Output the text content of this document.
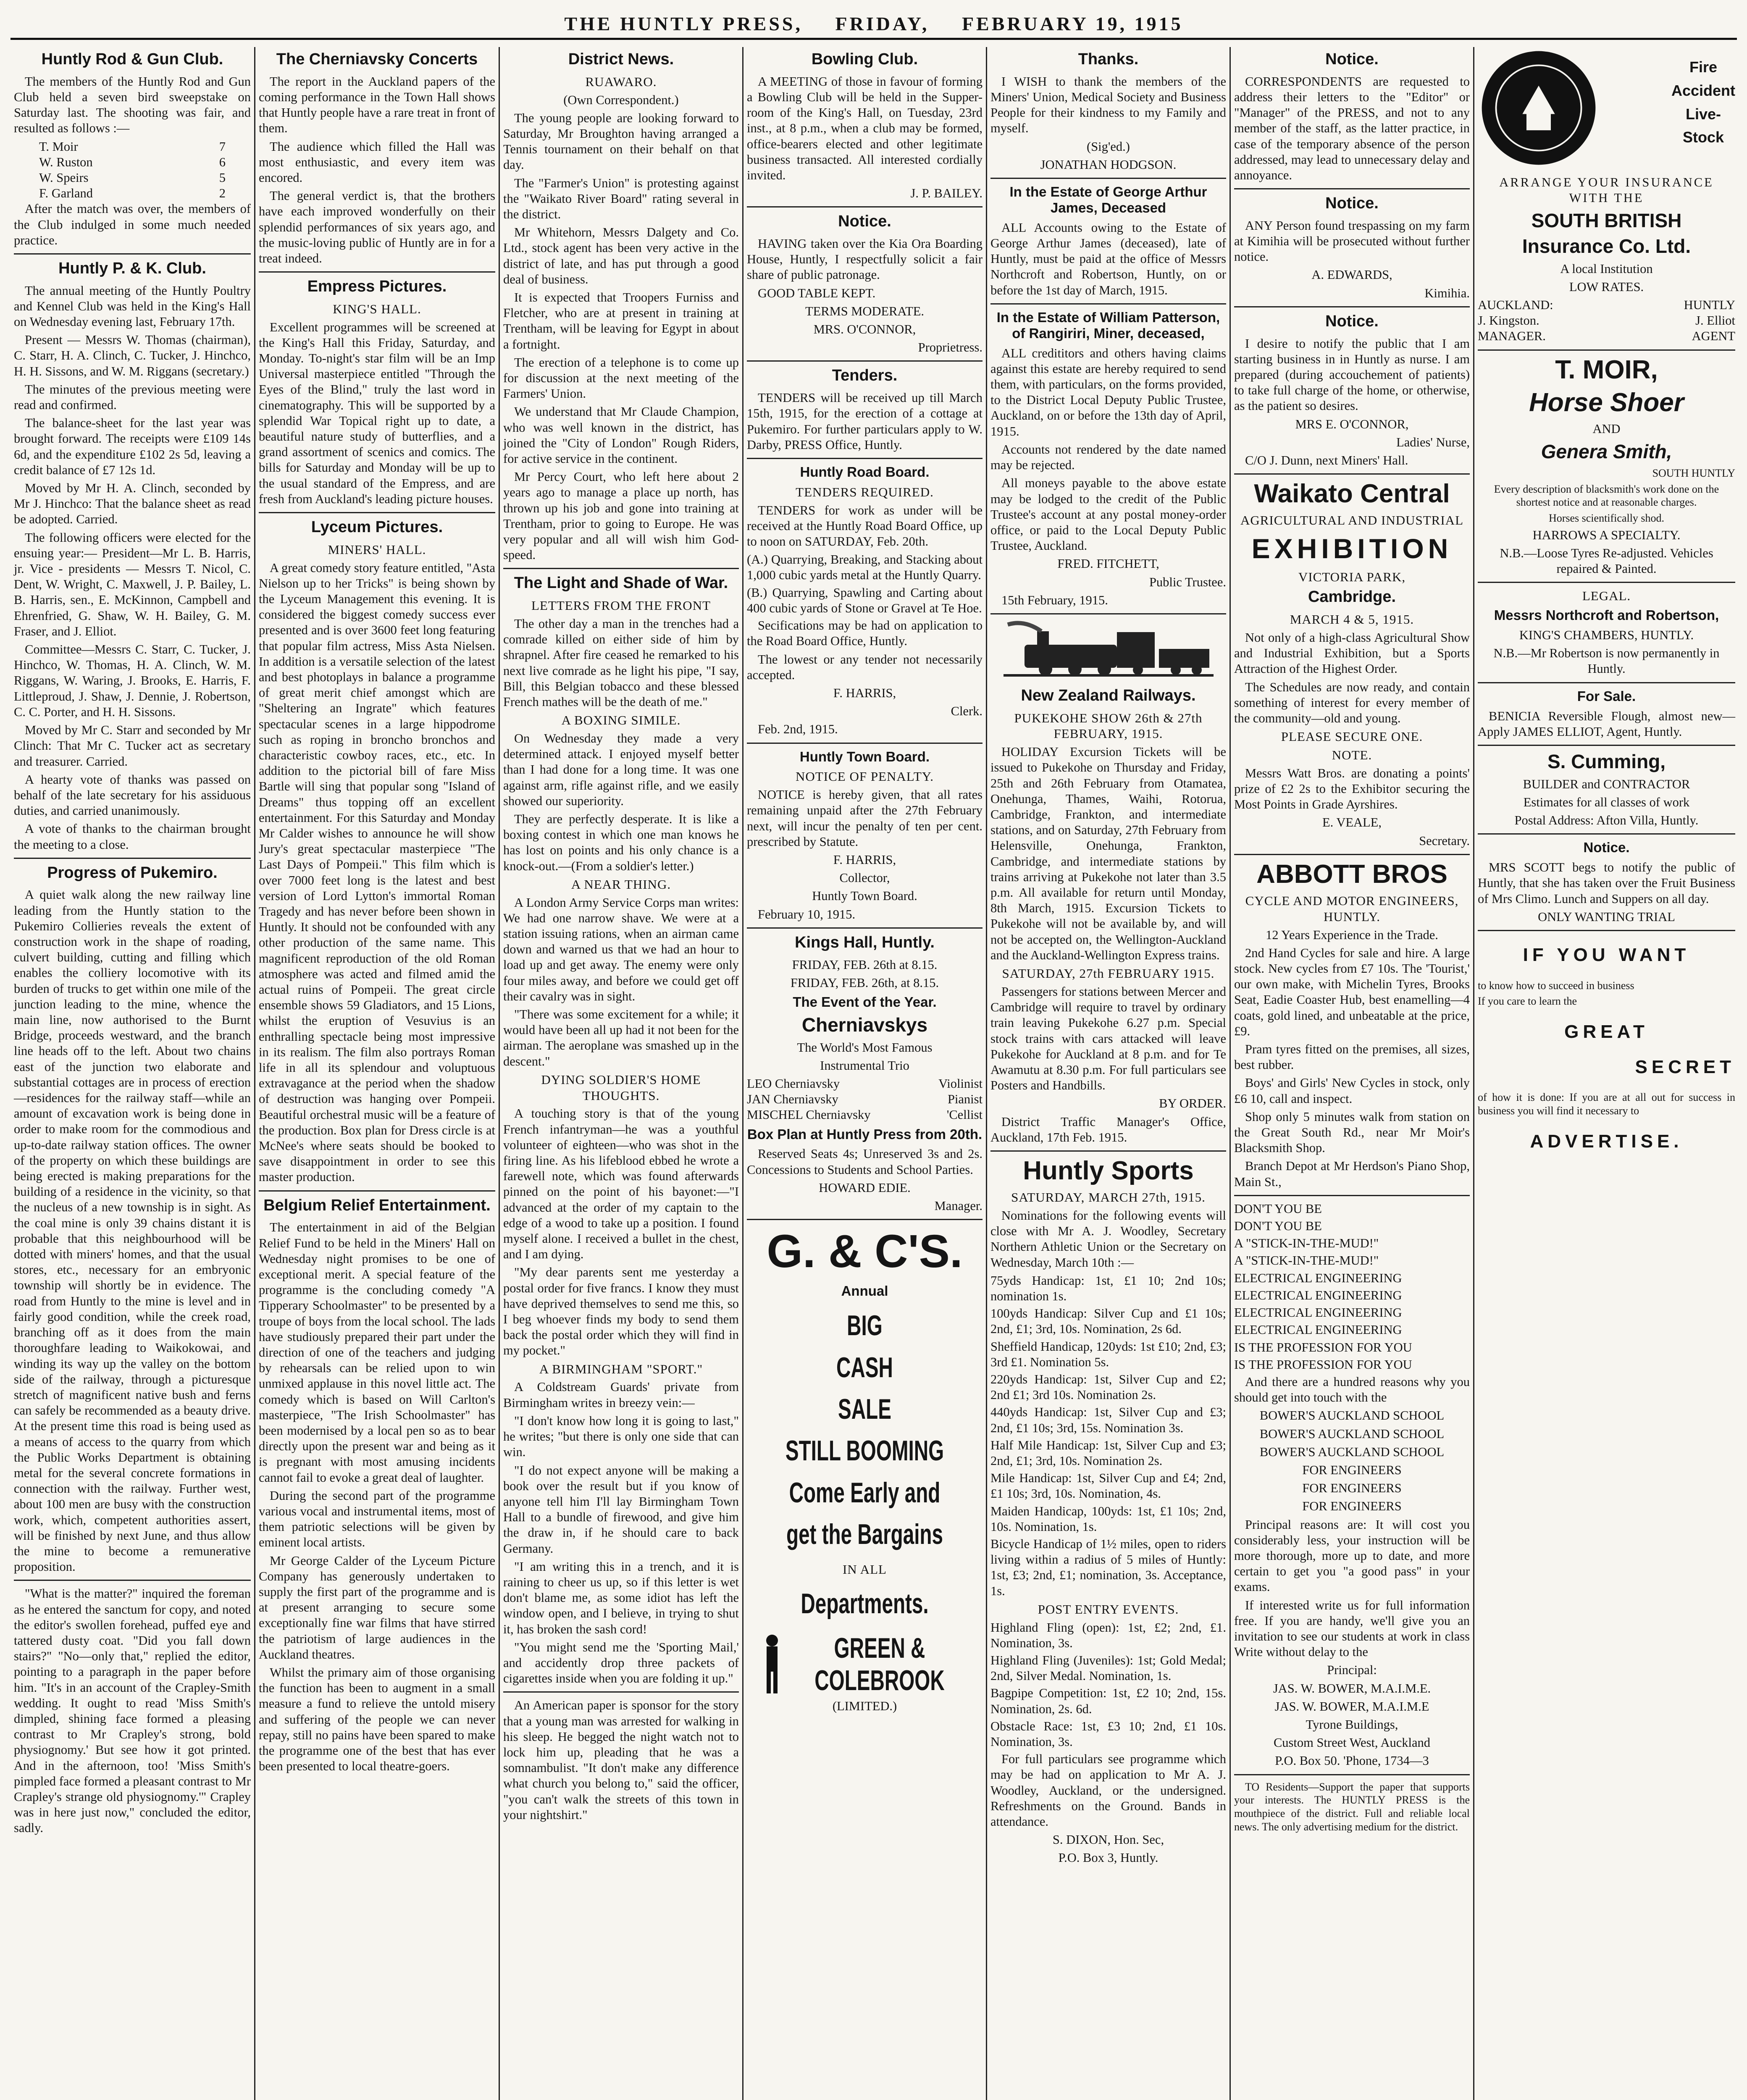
THE HUNTLY PRESS, FRIDAY, FEBRUARY 19, 1915
Huntly Rod & Gun Club.

The members of the Huntly Rod and Gun Club held a seven bird sweepstake on Saturday last. The shooting was fair, and resulted as follows :—

T. Moir	7
W. Ruston	6
W. Speirs	5
F. Garland	2

After the match was over, the members of the Club indulged in some much needed practice.

Huntly P. & K. Club.

The annual meeting of the Huntly Poultry and Kennel Club was held in the King's Hall on Wednesday evening last, February 17th.

Present — Messrs W. Thomas (chairman), C. Starr, H. A. Clinch, C. Tucker, J. Hinchco, H. H. Sissons, and W. M. Riggans (secretary.)

The minutes of the previous meeting were read and confirmed.

The balance-sheet for the last year was brought forward. The receipts were £109 14s 6d, and the expenditure £102 2s 5d, leaving a credit balance of £7 12s 1d.

Moved by Mr H. A. Clinch, seconded by Mr J. Hinchco: That the balance sheet as read be adopted. Carried.

The following officers were elected for the ensuing year:— President—Mr L. B. Harris, jr. Vice - presidents — Messrs T. Nicol, C. Dent, W. Wright, C. Maxwell, J. P. Bailey, L. B. Harris, sen., E. McKinnon, Campbell and Ehrenfried, G. Shaw, W. H. Bailey, G. M. Fraser, and J. Elliot.

Committee—Messrs C. Starr, C. Tucker, J. Hinchco, W. Thomas, H. A. Clinch, W. M. Riggans, W. Waring, J. Brooks, E. Harris, F. Littleproud, J. Shaw, J. Dennie, J. Robertson, C. C. Porter, and H. H. Sissons.

Moved by Mr C. Starr and seconded by Mr Clinch: That Mr C. Tucker act as secretary and treasurer. Carried.

A hearty vote of thanks was passed on behalf of the late secretary for his assiduous duties, and carried unanimously.

A vote of thanks to the chairman brought the meeting to a close.

Progress of Pukemiro.

A quiet walk along the new railway line leading from the Huntly station to the Pukemiro Collieries reveals the extent of construction work in the shape of roading, culvert building, cutting and filling which enables the colliery locomotive with its burden of trucks to get within one mile of the junction leading to the mine, whence the main line, now authorised to the Burnt Bridge, proceeds westward, and the branch line heads off to the left. About two chains east of the junction two elaborate and substantial cottages are in process of erection—residences for the railway staff—while an amount of excavation work is being done in order to make room for the commodious and up-to-date railway station offices. The owner of the property on which these buildings are being erected is making preparations for the building of a residence in the vicinity, so that the nucleus of a new township is in sight. As the coal mine is only 39 chains distant it is probable that this neighbourhood will be dotted with miners' homes, and that the usual stores, etc., necessary for an embryonic township will shortly be in evidence. The road from Huntly to the mine is level and in fairly good condition, while the creek road, branching off as it does from the main thoroughfare leading to Waikokowai, and winding its way up the valley on the bottom side of the railway, through a picturesque stretch of magnificent native bush and ferns can safely be recommended as a beauty drive. At the present time this road is being used as a means of access to the quarry from which the Public Works Department is obtaining metal for the several concrete formations in connection with the railway. Further west, about 100 men are busy with the construction work, which, competent authorities assert, will be finished by next June, and thus allow the mine to become a remunerative proposition.

"What is the matter?" inquired the foreman as he entered the sanctum for copy, and noted the editor's swollen forehead, puffed eye and tattered dusty coat. "Did you fall down stairs?" "No—only that," replied the editor, pointing to a paragraph in the paper before him. "It's in an account of the Crapley-Smith wedding. It ought to read 'Miss Smith's dimpled, shining face formed a pleasing contrast to Mr Crapley's strong, bold physiognomy.' But see how it got printed. And in the afternoon, too! 'Miss Smith's pimpled face formed a pleasant contrast to Mr Crapley's strange old physiognomy.'" Crapley was in here just now," concluded the editor, sadly.

The Cherniavsky Concerts

The report in the Auckland papers of the coming performance in the Town Hall shows that Huntly people have a rare treat in front of them.

The audience which filled the Hall was most enthusiastic, and every item was encored.

The general verdict is, that the brothers have each improved wonderfully on their splendid performances of six years ago, and the music-loving public of Huntly are in for a treat indeed.

Empress Pictures.
KING'S HALL.

Excellent programmes will be screened at the King's Hall this Friday, Saturday, and Monday. To-night's star film will be an Imp Universal masterpiece entitled "Through the Eyes of the Blind," truly the last word in cinematography. This will be supported by a splendid War Topical right up to date, a beautiful nature study of butterflies, and a grand assortment of scenics and comics. The bills for Saturday and Monday will be up to the usual standard of the Empress, and are fresh from Auckland's leading picture houses.

Lyceum Pictures.
MINERS' HALL.

A great comedy story feature entitled, "Asta Nielson up to her Tricks" is being shown by the Lyceum Management this evening. It is considered the biggest comedy success ever presented and is over 3600 feet long featuring that popular film actress, Miss Asta Nielsen. In addition is a versatile selection of the latest and best photoplays in balance a programme of great merit chief amongst which are "Sheltering an Ingrate" which features spectacular scenes in a large hippodrome such as roping in broncho bronchos and characteristic cowboy races, etc., etc. In addition to the pictorial bill of fare Miss Bartle will sing that popular song "Island of Dreams" thus topping off an excellent entertainment. For this Saturday and Monday Mr Calder wishes to announce he will show Jury's great spectacular masterpiece "The Last Days of Pompeii." This film which is over 7000 feet long is the latest and best version of Lord Lytton's immortal Roman Tragedy and has never before been shown in Huntly. It should not be confounded with any other production of the same name. This magnificent reproduction of the old Roman atmosphere was acted and filmed amid the actual ruins of Pompeii. The great circle ensemble shows 59 Gladiators, and 15 Lions, whilst the eruption of Vesuvius is an enthralling spectacle being most impressive in its realism. The film also portrays Roman life in all its splendour and voluptuous extravagance at the period when the shadow of destruction was hanging over Pompeii. Beautiful orchestral music will be a feature of the production. Box plan for Dress circle is at McNee's where seats should be booked to save disappointment in order to see this master production.

Belgium Relief Entertainment.

The entertainment in aid of the Belgian Relief Fund to be held in the Miners' Hall on Wednesday night promises to be one of exceptional merit. A special feature of the programme is the concluding comedy "A Tipperary Schoolmaster" to be presented by a troupe of boys from the local school. The lads have studiously prepared their part under the direction of one of the teachers and judging by rehearsals can be relied upon to win unmixed applause in this novel little act. The comedy which is based on Will Carlton's masterpiece, "The Irish Schoolmaster" has been modernised by a local pen so as to bear directly upon the present war and being as it is pregnant with most amusing incidents cannot fail to evoke a great deal of laughter.

During the second part of the programme various vocal and instrumental items, most of them patriotic selections will be given by eminent local artists.

Mr George Calder of the Lyceum Picture Company has generously undertaken to supply the first part of the programme and is at present arranging to secure some exceptionally fine war films that have stirred the patriotism of large audiences in the Auckland theatres.

Whilst the primary aim of those organising the function has been to augment in a small measure a fund to relieve the untold misery and suffering of the people we can never repay, still no pains have been spared to make the programme one of the best that has ever been presented to local theatre-goers.

District News.
RUAWARO.

(Own Correspondent.)

The young people are looking forward to Saturday, Mr Broughton having arranged a Tennis tournament on their behalf on that day.

The "Farmer's Union" is protesting against the "Waikato River Board" rating several in the district.

Mr Whitehorn, Messrs Dalgety and Co. Ltd., stock agent has been very active in the district of late, and has put through a good deal of business.

It is expected that Troopers Furniss and Fletcher, who are at present in training at Trentham, will be leaving for Egypt in about a fortnight.

The erection of a telephone is to come up for discussion at the next meeting of the Farmers' Union.

We understand that Mr Claude Champion, who was well known in the district, has joined the "City of London" Rough Riders, for active service in the continent.

Mr Percy Court, who left here about 2 years ago to manage a place up north, has thrown up his job and gone into training at Trentham, prior to going to Europe. He was very popular and all will wish him God-speed.

The Light and Shade of War.
LETTERS FROM THE FRONT

The other day a man in the trenches had a comrade killed on either side of him by shrapnel. After fire ceased he remarked to his next live comrade as he light his pipe, "I say, Bill, this Belgian tobacco and these blessed French mathes will be the death of me."

A BOXING SIMILE.

On Wednesday they made a very determined attack. I enjoyed myself better than I had done for a long time. It was one against arm, rifle against rifle, and we easily showed our superiority.

They are perfectly desperate. It is like a boxing contest in which one man knows he has lost on points and his only chance is a knock-out.—(From a soldier's letter.)

A NEAR THING.

A London Army Service Corps man writes: We had one narrow shave. We were at a station issuing rations, when an airman came down and warned us that we had an hour to load up and get away. The enemy were only four miles away, and before we could get off their cavalry was in sight.

"There was some excitement for a while; it would have been all up had it not been for the airman. The aeroplane was smashed up in the descent."

DYING SOLDIER'S HOME THOUGHTS.

A touching story is that of the young French infantryman—he was a youthful volunteer of eighteen—who was shot in the firing line. As his lifeblood ebbed he wrote a farewell note, which was found afterwards pinned on the point of his bayonet:—"I advanced at the order of my captain to the edge of a wood to take up a position. I found myself alone. I received a bullet in the chest, and I am dying.

"My dear parents sent me yesterday a postal order for five francs. I know they must have deprived themselves to send me this, so I beg whoever finds my body to send them back the postal order which they will find in my pocket."

A BIRMINGHAM "SPORT."

A Coldstream Guards' private from Birmingham writes in breezy vein:—

"I don't know how long it is going to last," he writes; "but there is only one side that can win.

"I do not expect anyone will be making a book over the result but if you know of anyone tell him I'll lay Birmingham Town Hall to a bundle of firewood, and give him the draw in, if he should care to back Germany.

"I am writing this in a trench, and it is raining to cheer us up, so if this letter is wet don't blame me, as some idiot has left the window open, and I believe, in trying to shut it, has broken the sash cord!

"You might send me the 'Sporting Mail,' and accidently drop three packets of cigarettes inside when you are folding it up."

An American paper is sponsor for the story that a young man was arrested for walking in his sleep. He begged the night watch not to lock him up, pleading that he was a somnambulist. "It don't make any difference what church you belong to," said the officer, "you can't walk the streets of this town in your nightshirt."

Bowling Club.

A MEETING of those in favour of forming a Bowling Club will be held in the Supper-room of the King's Hall, on Tuesday, 23rd inst., at 8 p.m., when a club may be formed, office-bearers elected and other legitimate business transacted. All interested cordially invited.

J. P. BAILEY.

Notice.

HAVING taken over the Kia Ora Boarding House, Huntly, I respectfully solicit a fair share of public patronage.

GOOD TABLE KEPT.

TERMS MODERATE.

MRS. O'CONNOR,

Proprietress.

Tenders.

TENDERS will be received up till March 15th, 1915, for the erection of a cottage at Pukemiro. For further particulars apply to W. Darby, PRESS Office, Huntly.

Huntly Road Board.
TENDERS REQUIRED.

TENDERS for work as under will be received at the Huntly Road Board Office, up to noon on SATURDAY, Feb. 20th.

(A.) Quarrying, Breaking, and Stacking about 1,000 cubic yards metal at the Huntly Quarry.

(B.) Quarrying, Spawling and Carting about 400 cubic yards of Stone or Gravel at Te Hoe.

Secifications may be had on application to the Road Board Office, Huntly.

The lowest or any tender not necessarily accepted.

F. HARRIS,

Clerk.

Feb. 2nd, 1915.

Huntly Town Board.
NOTICE OF PENALTY.

NOTICE is hereby given, that all rates remaining unpaid after the 27th February next, will incur the penalty of ten per cent. prescribed by Statute.

F. HARRIS,

Collector,

Huntly Town Board.

February 10, 1915.

Kings Hall, Huntly.

FRIDAY, FEB. 26th at 8.15.

FRIDAY, FEB. 26th, at 8.15.

The Event of the Year.
Cherniavskys

The World's Most Famous

Instrumental Trio

LEO Cherniavsky	Violinist
JAN Cherniavsky	Pianist
MISCHEL Cherniavsky	'Cellist
Box Plan at Huntly Press from 20th.

Reserved Seats 4s; Unreserved 3s and 2s. Concessions to Students and School Parties.

HOWARD EDIE.

Manager.

G. & C'S.
Annual
BIG
CASH
SALE
STILL BOOMING
Come Early and
get the Bargains
IN ALL
Departments.
GREEN &
COLEBROOK

(LIMITED.)

Thanks.

I WISH to thank the members of the Miners' Union, Medical Society and Business People for their kindness to my Family and myself.

(Sig'ed.)

JONATHAN HODGSON.

In the Estate of George Arthur James, Deceased

ALL Accounts owing to the Estate of George Arthur James (deceased), late of Huntly, must be paid at the office of Messrs Northcroft and Robertson, Huntly, on or before the 1st day of March, 1915.

In the Estate of William Patterson, of Rangiriri, Miner, deceased,

ALL credititors and others having claims against this estate are hereby required to send them, with particulars, on the forms provided, to the District Local Deputy Public Trustee, Auckland, on or before the 13th day of April, 1915.

Accounts not rendered by the date named may be rejected.

All moneys payable to the above estate may be lodged to the credit of the Public Trustee's account at any postal money-order office, or paid to the Local Deputy Public Trustee, Auckland.

FRED. FITCHETT,

Public Trustee.

15th February, 1915.

New Zealand Railways.
PUKEKOHE SHOW 26th & 27th FEBRUARY, 1915.

HOLIDAY Excursion Tickets will be issued to Pukekohe on Thursday and Friday, 25th and 26th February from Otamatea, Onehunga, Thames, Waihi, Rotorua, Cambridge, Frankton, and intermediate stations, and on Saturday, 27th February from Helensville, Onehunga, Frankton, Cambridge, and intermediate stations by trains arriving at Pukekohe not later than 3.5 p.m. All available for return until Monday, 8th March, 1915. Excursion Tickets to Pukekohe will not be available by, and will not be accepted on, the Wellington-Auckland and the Auckland-Wellington Express trains.

SATURDAY, 27th FEBRUARY 1915.

Passengers for stations between Mercer and Cambridge will require to travel by ordinary train leaving Pukekohe 6.27 p.m. Special stock trains with cars attacked will leave Pukekohe for Auckland at 8 p.m. and for Te Awamutu at 8.30 p.m. For full particulars see Posters and Handbills.

BY ORDER.

District Traffic Manager's Office, Auckland, 17th Feb. 1915.

Huntly Sports
SATURDAY, MARCH 27th, 1915.

Nominations for the following events will close with Mr A. J. Woodley, Secretary Northern Athletic Union or the Secretary on Wednesday, March 10th :—

75yds Handicap: 1st, £1 10; 2nd 10s; nomination 1s.

100yds Handicap: Silver Cup and £1 10s; 2nd, £1; 3rd, 10s. Nomination, 2s 6d.

Sheffield Handicap, 120yds: 1st £10; 2nd, £3; 3rd £1. Nomination 5s.

220yds Handicap: 1st, Silver Cup and £2; 2nd £1; 3rd 10s. Nomination 2s.

440yds Handicap: 1st, Silver Cup and £3; 2nd, £1 10s; 3rd, 15s. Nomination 3s.

Half Mile Handicap: 1st, Silver Cup and £3; 2nd, £1; 3rd, 10s. Nomination 2s.

Mile Handicap: 1st, Silver Cup and £4; 2nd, £1 10s; 3rd, 10s. Nomination, 4s.

Maiden Handicap, 100yds: 1st, £1 10s; 2nd, 10s. Nomination, 1s.

Bicycle Handicap of 1½ miles, open to riders living within a radius of 5 miles of Huntly: 1st, £3; 2nd, £1; nomination, 3s. Acceptance, 1s.

POST ENTRY EVENTS.

Highland Fling (open): 1st, £2; 2nd, £1. Nomination, 3s.

Highland Fling (Juveniles): 1st; Gold Medal; 2nd, Silver Medal. Nomination, 1s.

Bagpipe Competition: 1st, £2 10; 2nd, 15s. Nomination, 2s. 6d.

Obstacle Race: 1st, £3 10; 2nd, £1 10s. Nomination, 3s.

For full particulars see programme which may be had on application to Mr A. J. Woodley, Auckland, or the undersigned. Refreshments on the Ground. Bands in attendance.

S. DIXON, Hon. Sec,

P.O. Box 3, Huntly.

Notice.

CORRESPONDENTS are requested to address their letters to the "Editor" or "Manager" of the PRESS, and not to any member of the staff, as the latter practice, in case of the temporary absence of the person addressed, may lead to unnecessary delay and annoyance.

Notice.

ANY Person found trespassing on my farm at Kimihia will be prosecuted without further notice.

A. EDWARDS,

Kimihia.

Notice.

I desire to notify the public that I am starting business in in Huntly as nurse. I am prepared (during accouchement of patients) to take full charge of the home, or otherwise, as the patient so desires.

MRS E. O'CONNOR,

Ladies' Nurse,

C/O J. Dunn, next Miners' Hall.

Waikato Central
AGRICULTURAL AND INDUSTRIAL
EXHIBITION
VICTORIA PARK,
Cambridge.
MARCH 4 & 5, 1915.

Not only of a high-class Agricultural Show and Industrial Exhibition, but a Sports Attraction of the Highest Order.

The Schedules are now ready, and contain something of interest for every member of the community—old and young.

PLEASE SECURE ONE.
NOTE.

Messrs Watt Bros. are donating a points' prize of £2 2s to the Exhibitor securing the Most Points in Grade Ayrshires.

E. VEALE,

Secretary.

ABBOTT BROS
CYCLE AND MOTOR ENGINEERS, HUNTLY.

12 Years Experience in the Trade.

2nd Hand Cycles for sale and hire. A large stock. New cycles from £7 10s. The 'Tourist,' our own make, with Michelin Tyres, Brooks Seat, Eadie Coaster Hub, best enamelling—4 coats, gold lined, and unbeatable at the price, £9.

Pram tyres fitted on the premises, all sizes, best rubber.

Boys' and Girls' New Cycles in stock, only £6 10, call and inspect.

Shop only 5 minutes walk from station on the Great South Rd., near Mr Moir's Blacksmith Shop.

Branch Depot at Mr Herdson's Piano Shop, Main St.,

DON'T YOU BE

DON'T YOU BE

A "STICK-IN-THE-MUD!"

A "STICK-IN-THE-MUD!"

ELECTRICAL ENGINEERING

ELECTRICAL ENGINEERING

ELECTRICAL ENGINEERING

ELECTRICAL ENGINEERING

IS THE PROFESSION FOR YOU

IS THE PROFESSION FOR YOU

And there are a hundred reasons why you should get into touch with the

BOWER'S AUCKLAND SCHOOL

BOWER'S AUCKLAND SCHOOL

BOWER'S AUCKLAND SCHOOL

FOR ENGINEERS

FOR ENGINEERS

FOR ENGINEERS

Principal reasons are: It will cost you considerably less, your instruction will be more thorough, more up to date, and more certain to get you "a good pass" in your exams.

If interested write us for full information free. If you are handy, we'll give you an invitation to see our students at work in class Write without delay to the

Principal:

JAS. W. BOWER, M.A.I.M.E.

JAS. W. BOWER, M.A.I.M.E

Tyrone Buildings,

Custom Street West, Auckland

P.O. Box 50. 'Phone, 1734—3

TO Residents—Support the paper that supports your interests. The HUNTLY PRESS is the mouthpiece of the district. Full and reliable local news. The only advertising medium for the district.

Fire
Accident
Live-
Stock

ARRANGE YOUR INSURANCE WITH THE

SOUTH BRITISH
Insurance Co. Ltd.

A local Institution

LOW RATES.

AUCKLAND:	HUNTLY
J. Kingston.	J. Elliot
MANAGER.	AGENT
T. MOIR,
Horse Shoer

AND

Genera Smith,

SOUTH HUNTLY

Every description of blacksmith's work done on the shortest notice and at reasonable charges.

Horses scientifically shod.

HARROWS A SPECIALTY.

N.B.—Loose Tyres Re-adjusted. Vehicles repaired & Painted.

LEGAL.
Messrs Northcroft and Robertson,

KING'S CHAMBERS, HUNTLY.

N.B.—Mr Robertson is now permanently in Huntly.

For Sale.

BENICIA Reversible Flough, almost new—Apply JAMES ELLIOT, Agent, Huntly.

S. Cumming,

BUILDER and CONTRACTOR

Estimates for all classes of work

Postal Address: Afton Villa, Huntly.

Notice.

MRS SCOTT begs to notify the public of Huntly, that she has taken over the Fruit Business of Mrs Climo. Lunch and Suppers on all day.

ONLY WANTING TRIAL

IF YOU WANT

to know how to succeed in business

If you care to learn the

GREAT
SECRET

of how it is done: If you are at all out for success in business you will find it necessary to

ADVERTISE.
